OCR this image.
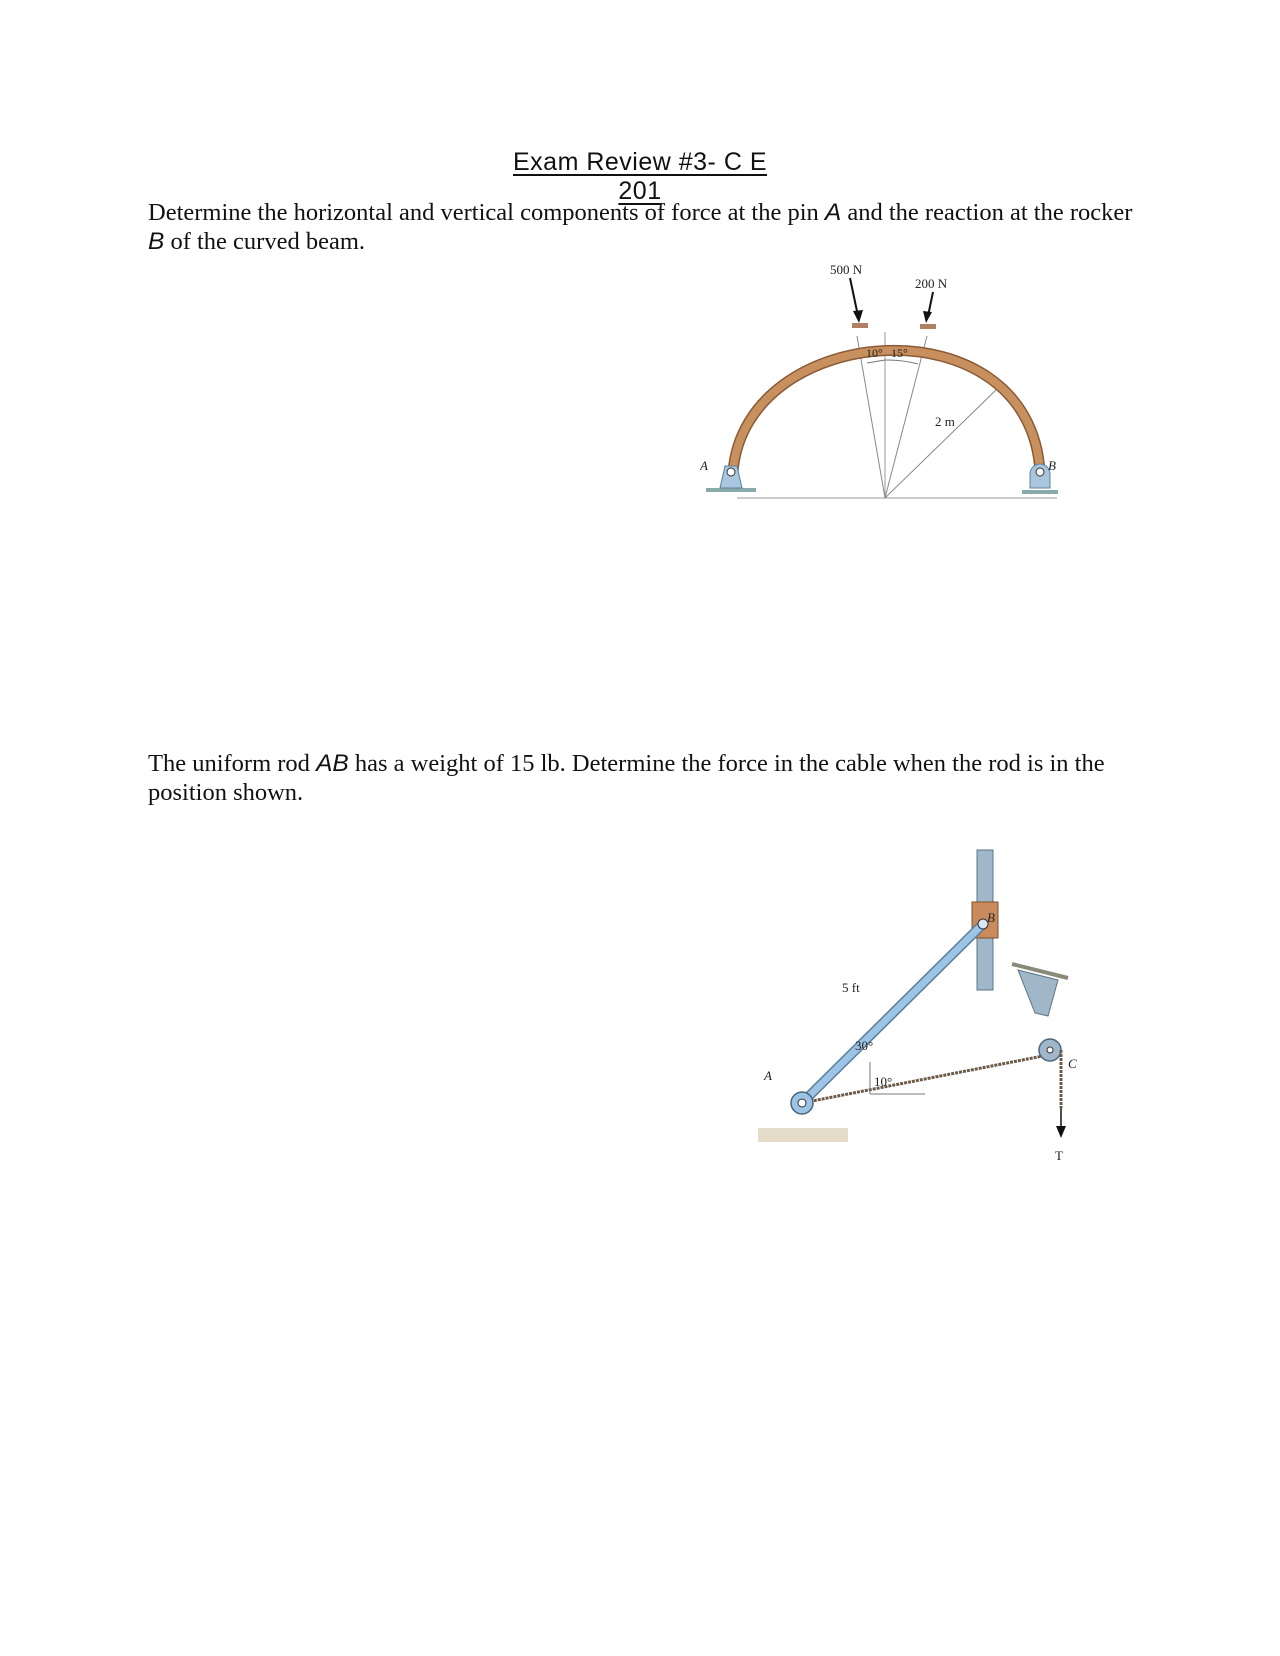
Exam Review #3- C E 201

Determine the horizontal and vertical components of force at the pin A and the reaction at the rocker B of the curved beam.

500 N
200 N
10° 15°
2 m
A	B

The uniform rod AB has a weight of 15 lb. Determine the force in the cable when the rod is in the position shown.

5 ft
30°
10°
A
B
C
T
